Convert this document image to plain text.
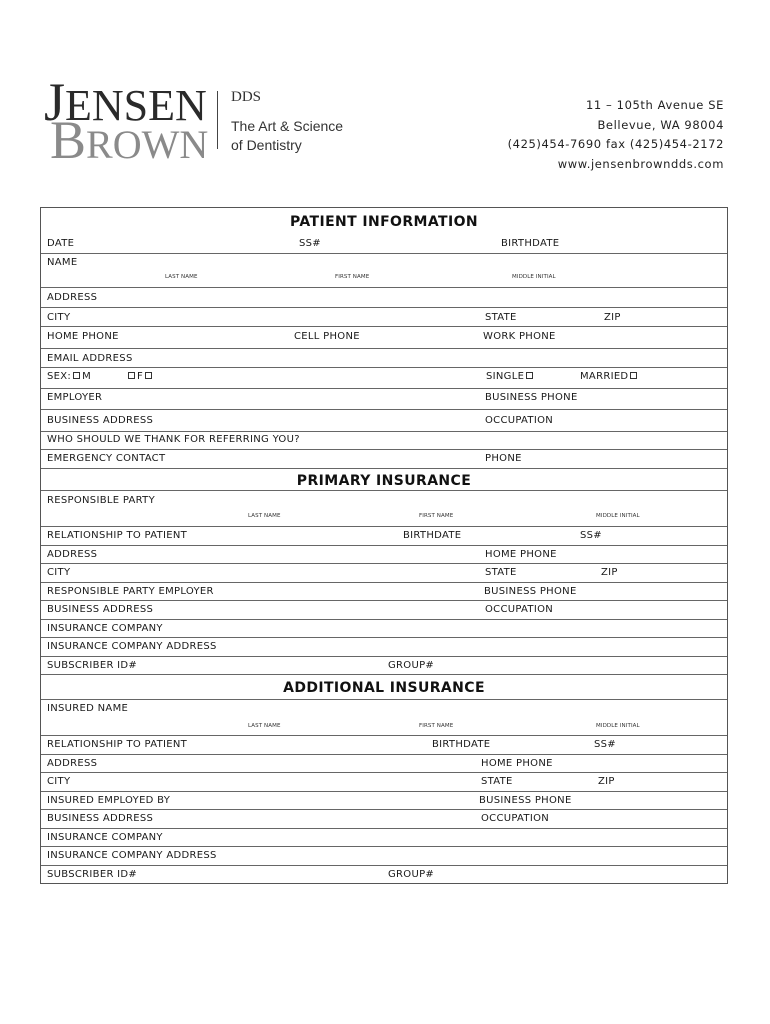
JENSEN
BROWN
DDS
The Art & Science
of Dentistry
11 – 105th Avenue SE
Bellevue, WA 98004
(425)454-7690 fax (425)454-2172
www.jensenbrowndds.com
PATIENT INFORMATION
DATE	SS#	BIRTHDATE
NAME
LAST NAME	FIRST NAME	MIDDLE INITIAL
ADDRESS
CITY	STATE	ZIP
HOME PHONE	CELL PHONE	WORK PHONE
EMAIL ADDRESS
SEX: M	F	SINGLE	MARRIED
EMPLOYER	BUSINESS PHONE
BUSINESS ADDRESS	OCCUPATION
WHO SHOULD WE THANK FOR REFERRING YOU?
EMERGENCY CONTACT	PHONE
PRIMARY INSURANCE
RESPONSIBLE PARTY
LAST NAME	FIRST NAME	MIDDLE INITIAL
RELATIONSHIP TO PATIENT	BIRTHDATE	SS#
ADDRESS	HOME PHONE
CITY	STATE	ZIP
RESPONSIBLE PARTY EMPLOYER	BUSINESS PHONE
BUSINESS ADDRESS	OCCUPATION
INSURANCE COMPANY
INSURANCE COMPANY ADDRESS
SUBSCRIBER ID#	GROUP#
ADDITIONAL INSURANCE
INSURED NAME
LAST NAME	FIRST NAME	MIDDLE INITIAL
RELATIONSHIP TO PATIENT	BIRTHDATE	SS#
ADDRESS	HOME PHONE
CITY	STATE	ZIP
INSURED EMPLOYED BY	BUSINESS PHONE
BUSINESS ADDRESS	OCCUPATION
INSURANCE COMPANY
INSURANCE COMPANY ADDRESS
SUBSCRIBER ID#	GROUP#
